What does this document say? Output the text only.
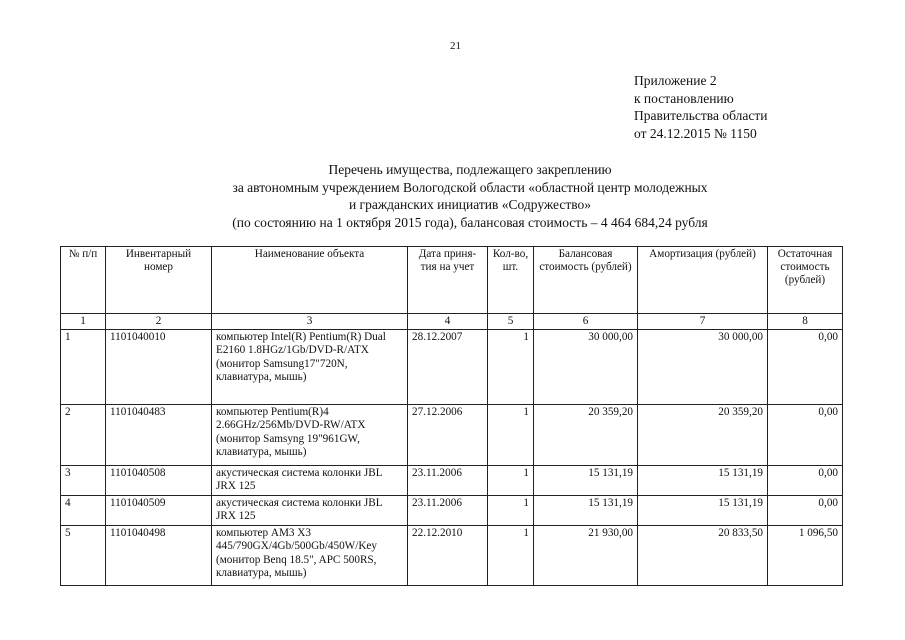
21
Приложение 2
к постановлению
Правительства области
от 24.12.2015 № 1150
Перечень имущества, подлежащего закреплению
за автономным учреждением Вологодской области «областной центр молодежных
и гражданских инициатив «Содружество»
(по состоянию на 1 октября 2015 года), балансовая стоимость – 4 464 684,24 рубля
№ п/п	Инвентарный номер	Наименование объекта	Дата приня-тия на учет	Кол-во, шт.	Балансовая стоимость (рублей)	Амортизация (рублей)	Остаточная стоимость (рублей)
1	2	3	4	5	6	7	8
1	1101040010	компьютер Intel(R) Pentium(R) Dual E2160 1.8HGz/1Gb/DVD-R/ATX (монитор Samsung17"720N, клавиатура, мышь)	28.12.2007	1	30 000,00	30 000,00	0,00
2	1101040483	компьютер Pentium(R)4 2.66GHz/256Mb/DVD-RW/ATX (монитор Samsyng 19"961GW, клавиатура, мышь)	27.12.2006	1	20 359,20	20 359,20	0,00
3	1101040508	акустическая система колонки JBL JRX 125	23.11.2006	1	15 131,19	15 131,19	0,00
4	1101040509	акустическая система колонки JBL JRX 125	23.11.2006	1	15 131,19	15 131,19	0,00
5	1101040498	компьютер AM3 X3 445/790GX/4Gb/500Gb/450W/Key (монитор Benq 18.5", APC 500RS, клавиатура, мышь)	22.12.2010	1	21 930,00	20 833,50	1 096,50
